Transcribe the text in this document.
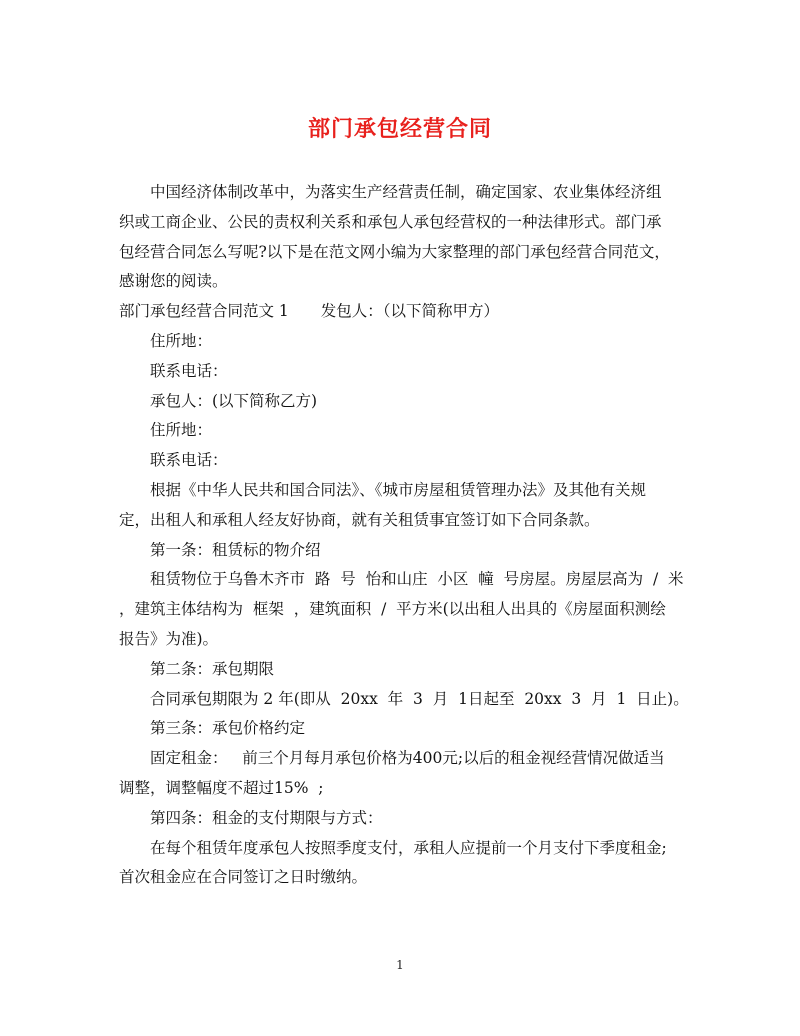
部门承包经营合同

中国经济体制改革中，为落实生产经营责任制，确定国家、农业集体经济组
织或工商企业、公民的责权利关系和承包人承包经营权的一种法律形式。部门承
包经营合同怎么写呢?以下是在范文网小编为大家整理的部门承包经营合同范文，
感谢您的阅读。

部门承包经营合同范文 1 发包人：（以下简称甲方）

住所地：

联系电话：

承包人：(以下简称乙方)

住所地：

联系电话：

根据《中华人民共和国合同法》、《城市房屋租赁管理办法》及其他有关规
定，出租人和承租人经友好协商，就有关租赁事宜签订如下合同条款。

第一条：租赁标的物介绍

租赁物位于乌鲁木齐市  路  号  怡和山庄  小区  幢  号房屋。房屋层高为  /  米
，建筑主体结构为  框架  ，建筑面积  /  平方米(以出租人出具的《房屋面积测绘
报告》为准)。

第二条：承包期限

合同承包期限为 2 年(即从  20xx  年  3  月  1日起至  20xx  3  月  1  日止)。

第三条：承包价格约定

固定租金：   前三个月每月承包价格为400元;以后的租金视经营情况做适当
调整，调整幅度不超过15%  ;

第四条：租金的支付期限与方式：

在每个租赁年度承包人按照季度支付，承租人应提前一个月支付下季度租金;
首次租金应在合同签订之日时缴纳。

1
